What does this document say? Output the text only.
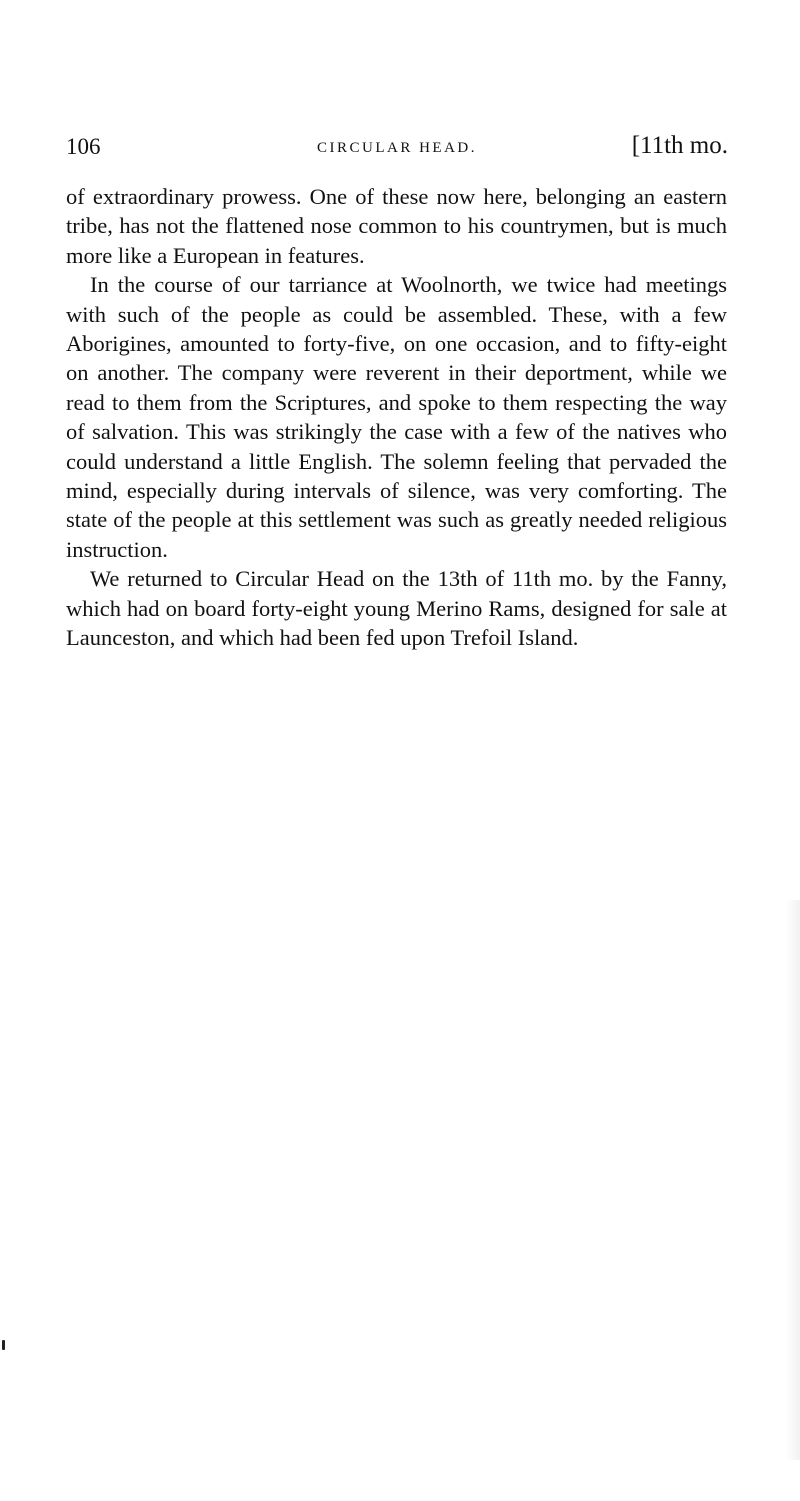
106	CIRCULAR HEAD.	[11th mo.

of extraordinary prowess. One of these now here, belonging an eastern tribe, has not the flattened nose common to his countrymen, but is much more like a European in features.

In the course of our tarriance at Woolnorth, we twice had meetings with such of the people as could be assembled. These, with a few Aborigines, amounted to forty-five, on one occasion, and to fifty-eight on another. The company were reverent in their deportment, while we read to them from the Scriptures, and spoke to them respecting the way of salvation. This was strikingly the case with a few of the natives who could understand a little English. The solemn feeling that pervaded the mind, especially during intervals of silence, was very comforting. The state of the people at this settlement was such as greatly needed religious instruction.

We returned to Circular Head on the 13th of 11th mo. by the Fanny, which had on board forty-eight young Merino Rams, designed for sale at Launceston, and which had been fed upon Trefoil Island.
